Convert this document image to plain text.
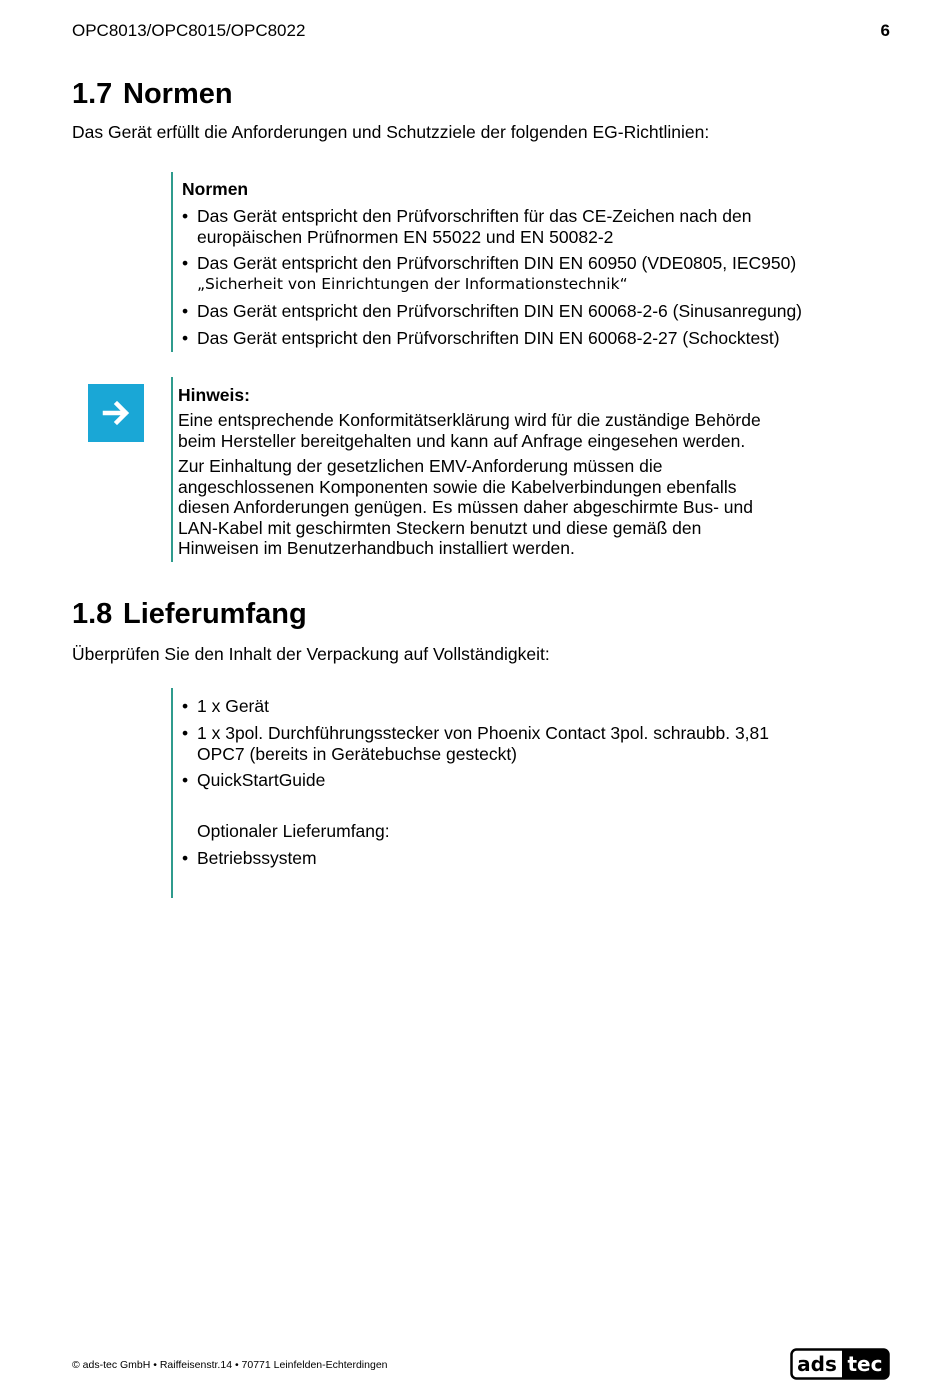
OPC8013/OPC8015/OPC8022	6
1.7 Normen
Das Gerät erfüllt die Anforderungen und Schutzziele der folgenden EG-Richtlinien:
Normen
• Das Gerät entspricht den Prüfvorschriften für das CE-Zeichen nach den
europäischen Prüfnormen EN 55022 und EN 50082-2
• Das Gerät entspricht den Prüfvorschriften DIN EN 60950 (VDE0805, IEC950)
„Sicherheit von Einrichtungen der Informationstechnik“
• Das Gerät entspricht den Prüfvorschriften DIN EN 60068-2-6 (Sinusanregung)
• Das Gerät entspricht den Prüfvorschriften DIN EN 60068-2-27 (Schocktest)
Hinweis:
Eine entsprechende Konformitätserklärung wird für die zuständige Behörde
beim Hersteller bereitgehalten und kann auf Anfrage eingesehen werden.
Zur Einhaltung der gesetzlichen EMV-Anforderung müssen die
angeschlossenen Komponenten sowie die Kabelverbindungen ebenfalls
diesen Anforderungen genügen. Es müssen daher abgeschirmte Bus- und
LAN-Kabel mit geschirmten Steckern benutzt und diese gemäß den
Hinweisen im Benutzerhandbuch installiert werden.
1.8 Lieferumfang
Überprüfen Sie den Inhalt der Verpackung auf Vollständigkeit:
• 1 x Gerät
• 1 x 3pol. Durchführungsstecker von Phoenix Contact 3pol. schraubb. 3,81
OPC7 (bereits in Gerätebuchse gesteckt)
• QuickStartGuide
Optionaler Lieferumfang:
• Betriebssystem
© ads-tec GmbH • Raiffeisenstr.14 • 70771 Leinfelden-Echterdingen	ads tec
